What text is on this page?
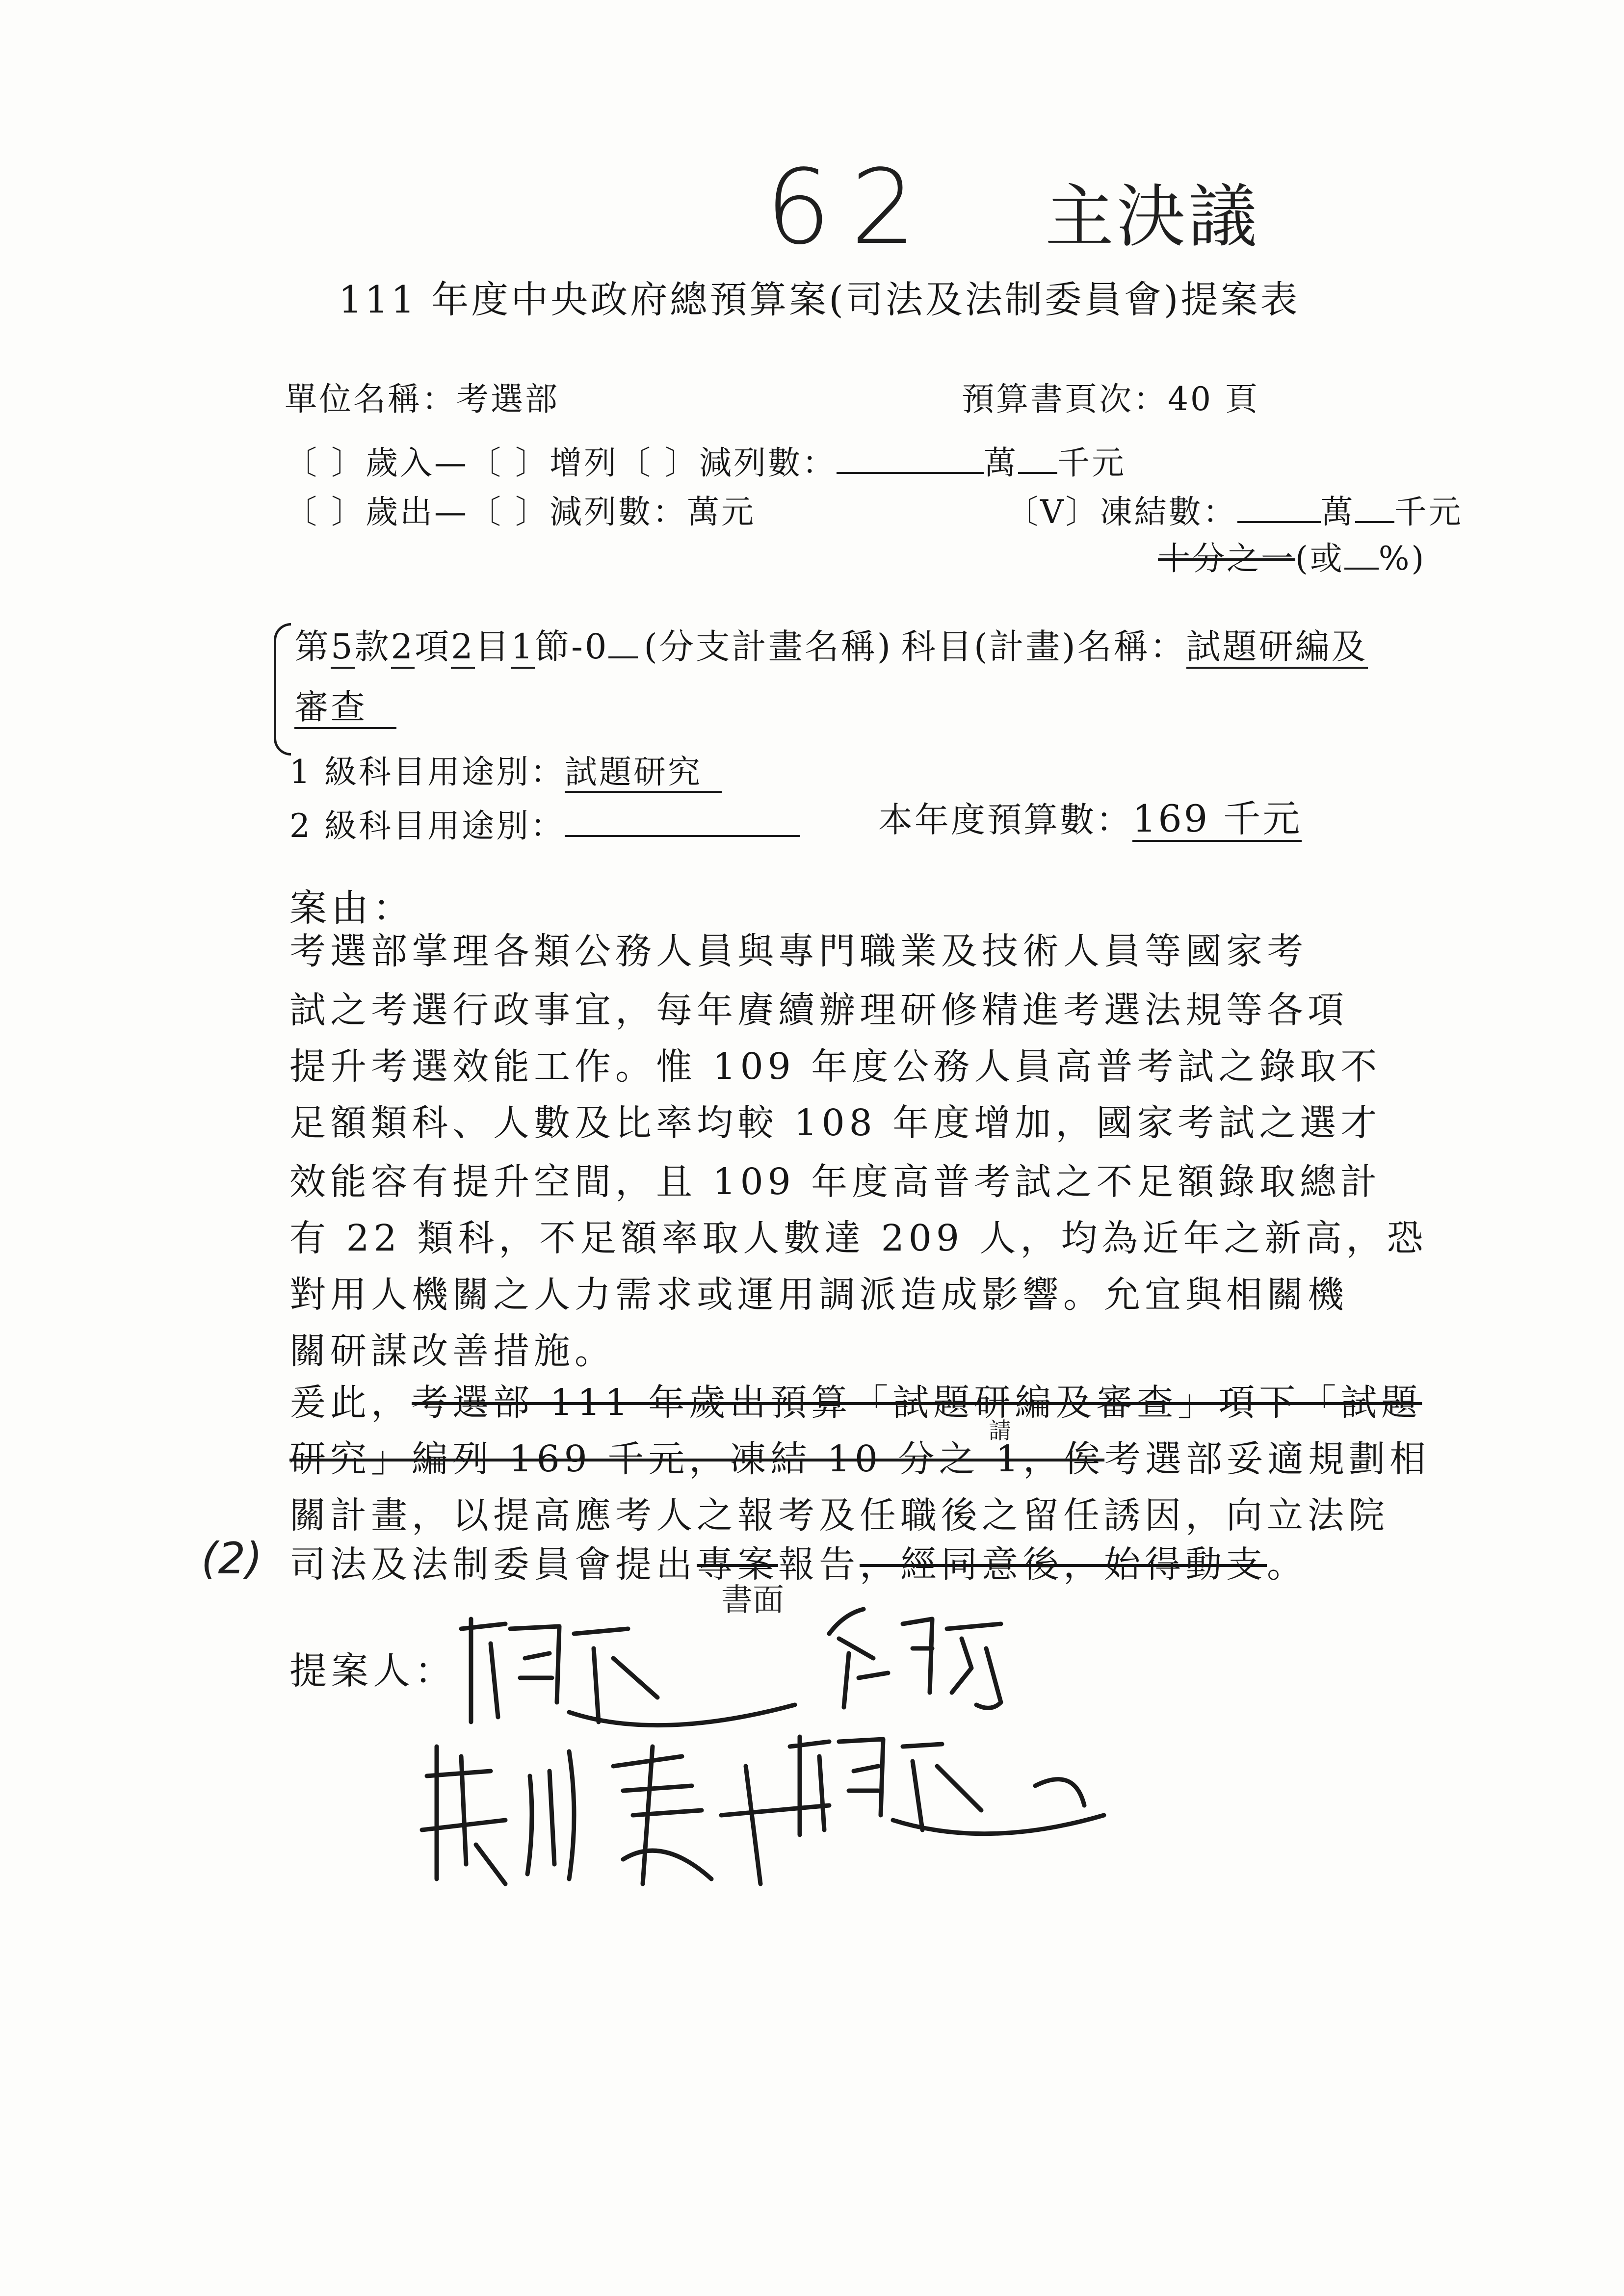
62 主決議
111 年度中央政府總預算案(司法及法制委員會)提案表
單位名稱：考選部	預算書頁次：40 頁
〔 〕歲入—〔 〕增列〔 〕減列數：	萬 千元
〔 〕歲出—〔 〕減列數：萬元	〔V〕凍結數：	萬 千元
十分之一(或 %)
第5款2項2目1節-0 (分支計畫名稱) 科目(計畫)名稱：試題研編及
審查
1 級科目用途別：試題研究
2 級科目用途別：	本年度預算數：169 千元
案由：
考選部掌理各類公務人員與專門職業及技術人員等國家考
試之考選行政事宜，每年賡續辦理研修精進考選法規等各項
提升考選效能工作。惟 109 年度公務人員高普考試之錄取不
足額類科、人數及比率均較 108 年度增加，國家考試之選才
效能容有提升空間，且 109 年度高普考試之不足額錄取總計
有 22 類科，不足額率取人數達 209 人，均為近年之新高，恐
對用人機關之人力需求或運用調派造成影響。允宜與相關機
關研謀改善措施。
爰此，考選部 111 年歲出預算「試題研編及審查」項下「試題
請
研究」編列 169 千元，凍結 10 分之 1，俟考選部妥適規劃相
關計畫，以提高應考人之報考及任職後之留任誘因，向立法院
(2)
書面
司法及法制委員會提出專案報告，經同意後，始得動支。
提案人：
